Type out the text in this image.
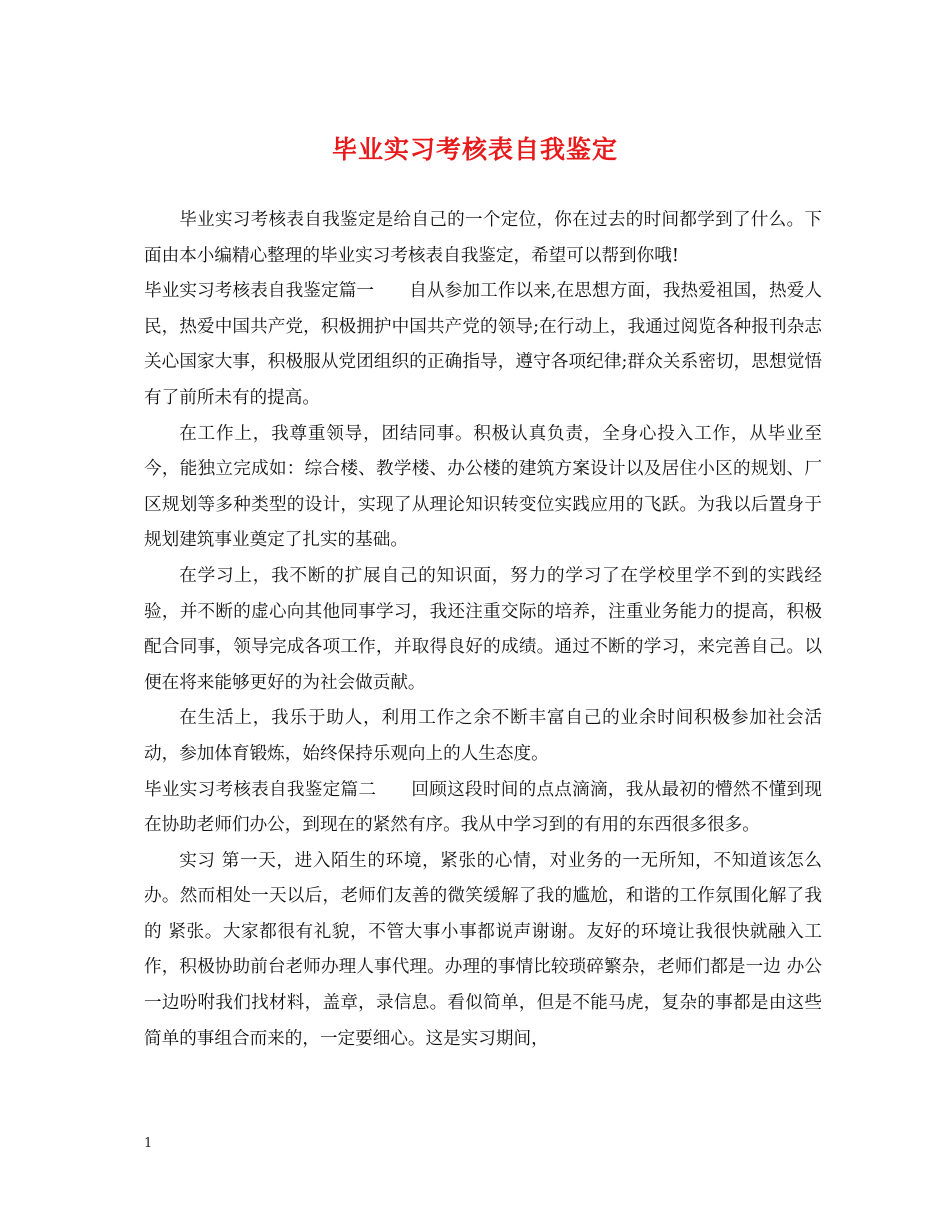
毕业实习考核表自我鉴定

毕业实习考核表自我鉴定是给自己的一个定位，你在过去的时间都学到了什么。下面由本小编精心整理的毕业实习考核表自我鉴定，希望可以帮到你哦!

毕业实习考核表自我鉴定篇一 自从参加工作以来,在思想方面，我热爱祖国，热爱人民，热爱中国共产党，积极拥护中国共产党的领导;在行动上，我通过阅览各种报刊杂志关心国家大事，积极服从党团组织的正确指导，遵守各项纪律;群众关系密切，思想觉悟有了前所未有的提高。

在工作上，我尊重领导，团结同事。积极认真负责，全身心投入工作，从毕业至今，能独立完成如：综合楼、教学楼、办公楼的建筑方案设计以及居住小区的规划、厂区规划等多种类型的设计，实现了从理论知识转变位实践应用的飞跃。为我以后置身于规划建筑事业奠定了扎实的基础。

在学习上，我不断的扩展自己的知识面，努力的学习了在学校里学不到的实践经验，并不断的虚心向其他同事学习，我还注重交际的培养，注重业务能力的提高，积极配合同事，领导完成各项工作，并取得良好的成绩。通过不断的学习，来完善自己。以便在将来能够更好的为社会做贡献。

在生活上，我乐于助人，利用工作之余不断丰富自己的业余时间积极参加社会活动，参加体育锻炼，始终保持乐观向上的人生态度。

毕业实习考核表自我鉴定篇二 回顾这段时间的点点滴滴，我从最初的懵然不懂到现在协助老师们办公，到现在的紧然有序。我从中学习到的有用的东西很多很多。

实习 第一天，进入陌生的环境，紧张的心情，对业务的一无所知，不知道该怎么办。然而相处一天以后，老师们友善的微笑缓解了我的尴尬，和谐的工作氛围化解了我的 紧张。大家都很有礼貌，不管大事小事都说声谢谢。友好的环境让我很快就融入工作，积极协助前台老师办理人事代理。办理的事情比较琐碎繁杂，老师们都是一边 办公一边吩咐我们找材料，盖章，录信息。看似简单，但是不能马虎，复杂的事都是由这些简单的事组合而来的，一定要细心。这是实习期间，

1
